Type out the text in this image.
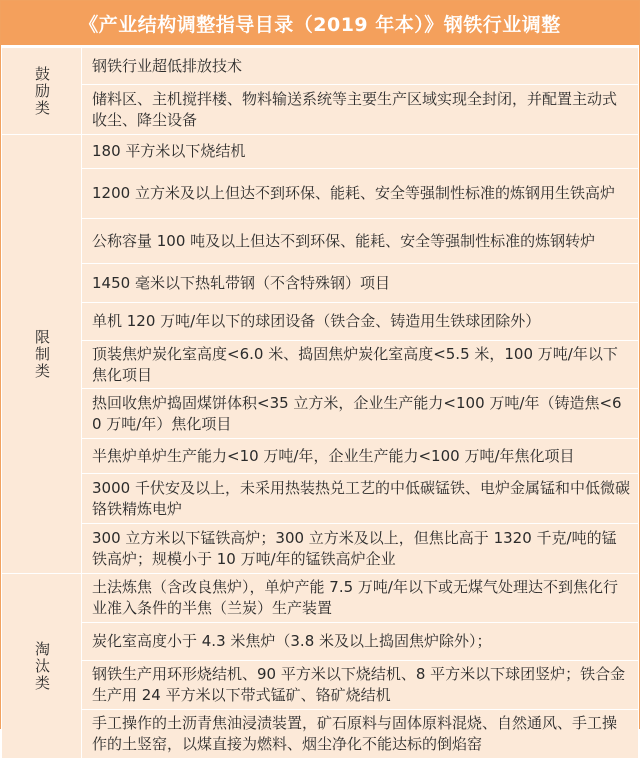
《产业结构调整指导目录（2019 年本）》钢铁行业调整
鼓励类	钢铁行业超低排放技术
	储料区、主机搅拌楼、物料输送系统等主要生产区域实现全封闭，并配置主动式收尘、降尘设备

限制类	180 平方米以下烧结机
	1200 立方米及以上但达不到环保、能耗、安全等强制性标准的炼钢用生铁高炉
	公称容量 100 吨及以上但达不到环保、能耗、安全等强制性标准的炼钢转炉
	1450 毫米以下热轧带钢（不含特殊钢）项目
	单机 120 万吨/年以下的球团设备（铁合金、铸造用生铁球团除外）
	顶装焦炉炭化室高度<6.0 米、捣固焦炉炭化室高度<5.5 米，100 万吨/年以下焦化项目
	热回收焦炉捣固煤饼体积<35 立方米，企业生产能力<100 万吨/年（铸造焦<60 万吨/年）焦化项目
	半焦炉单炉生产能力<10 万吨/年，企业生产能力<100 万吨/年焦化项目
	3000 千伏安及以上，未采用热装热兑工艺的中低碳锰铁、电炉金属锰和中低微碳铬铁精炼电炉
	300 立方米以下锰铁高炉；300 立方米及以上，但焦比高于 1320 千克/吨的锰铁高炉；规模小于 10 万吨/年的锰铁高炉企业

淘汰类	土法炼焦（含改良焦炉），单炉产能 7.5 万吨/年以下或无煤气处理达不到焦化行业准入条件的半焦（兰炭）生产装置
	炭化室高度小于 4.3 米焦炉（3.8 米及以上捣固焦炉除外）；
	钢铁生产用环形烧结机、90 平方米以下烧结机、8 平方米以下球团竖炉；铁合金生产用 24 平方米以下带式锰矿、铬矿烧结机
	手工操作的土沥青焦油浸渍装置，矿石原料与固体原料混烧、自然通风、手工操作的土竖窑，以煤直接为燃料、烟尘净化不能达标的倒焰窑
